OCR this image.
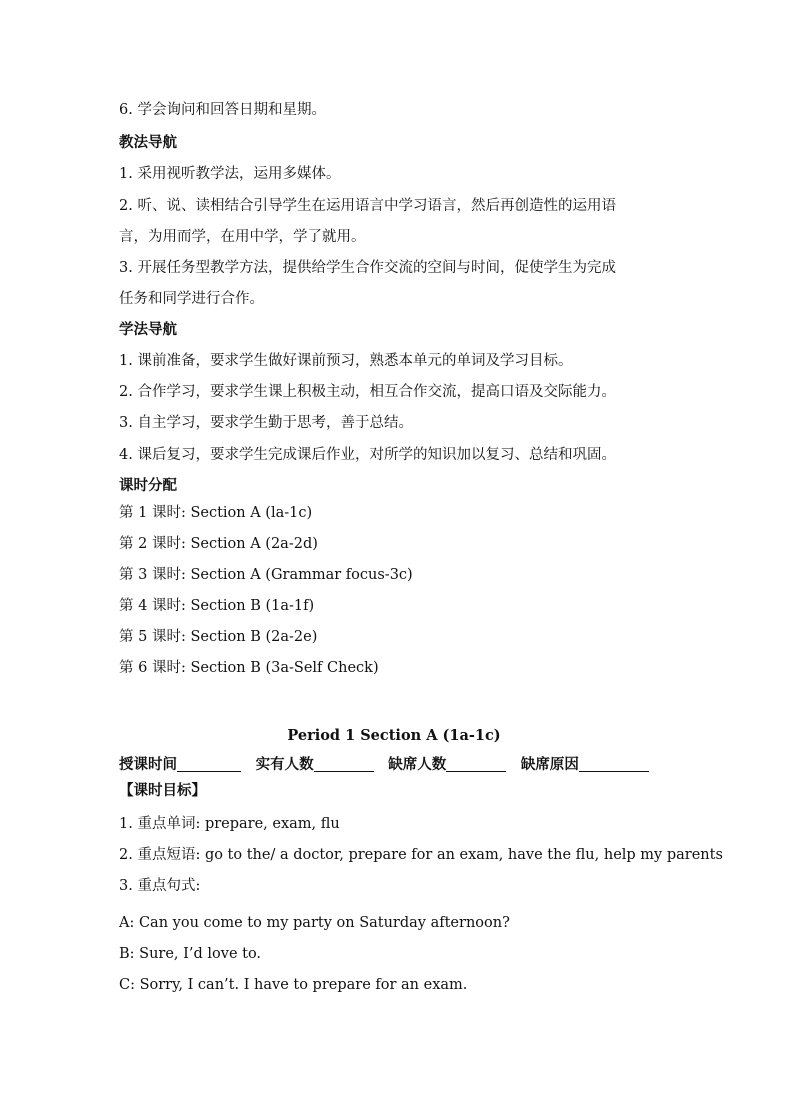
6. 学会询问和回答日期和星期。
教法导航
1. 采用视听教学法，运用多媒体。
2. 听、说、读相结合引导学生在运用语言中学习语言，然后再创造性的运用语
言，为用而学，在用中学，学了就用。
3. 开展任务型教学方法，提供给学生合作交流的空间与时间，促使学生为完成
任务和同学进行合作。
学法导航
1. 课前准备，要求学生做好课前预习，熟悉本单元的单词及学习目标。
2. 合作学习，要求学生课上积极主动，相互合作交流，提高口语及交际能力。
3. 自主学习，要求学生勤于思考，善于总结。
4. 课后复习，要求学生完成课后作业，对所学的知识加以复习、总结和巩固。
课时分配
第 1 课时: Section A (la-1c)
第 2 课时: Section A (2a-2d)
第 3 课时: Section A (Grammar focus-3c)
第 4 课时: Section B (1a-1f)
第 5 课时: Section B (2a-2e)
第 6 课时: Section B (3a-Self Check)
Period 1 Section A (1a-1c)
授课时间	实有人数	缺席人数	缺席原因
【课时目标】
1. 重点单词: prepare, exam, flu
2. 重点短语: go to the/ a doctor, prepare for an exam, have the flu, help my parents
3. 重点句式:
A: Can you come to my party on Saturday afternoon?
B: Sure, I’d love to.
C: Sorry, I can’t. I have to prepare for an exam.
